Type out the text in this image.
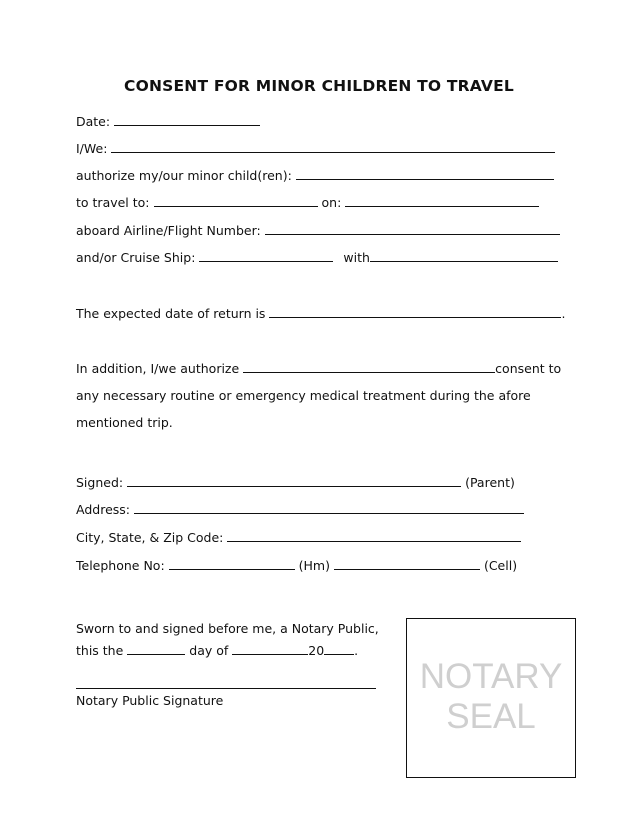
CONSENT FOR MINOR CHILDREN TO TRAVEL
Date:
I/We:
authorize my/our minor child(ren):
to travel to:	on:
aboard Airline/Flight Number:
and/or Cruise Ship:	with
The expected date of return is	.
In addition, I/we authorize	consent to
any necessary routine or emergency medical treatment during the afore
mentioned trip.
Signed:	(Parent)
Address:
City, State, & Zip Code:
Telephone No:	(Hm)	(Cell)
Sworn to and signed before me, a Notary Public,
this the	day of	20 .
Notary Public Signature
NOTARY
SEAL
